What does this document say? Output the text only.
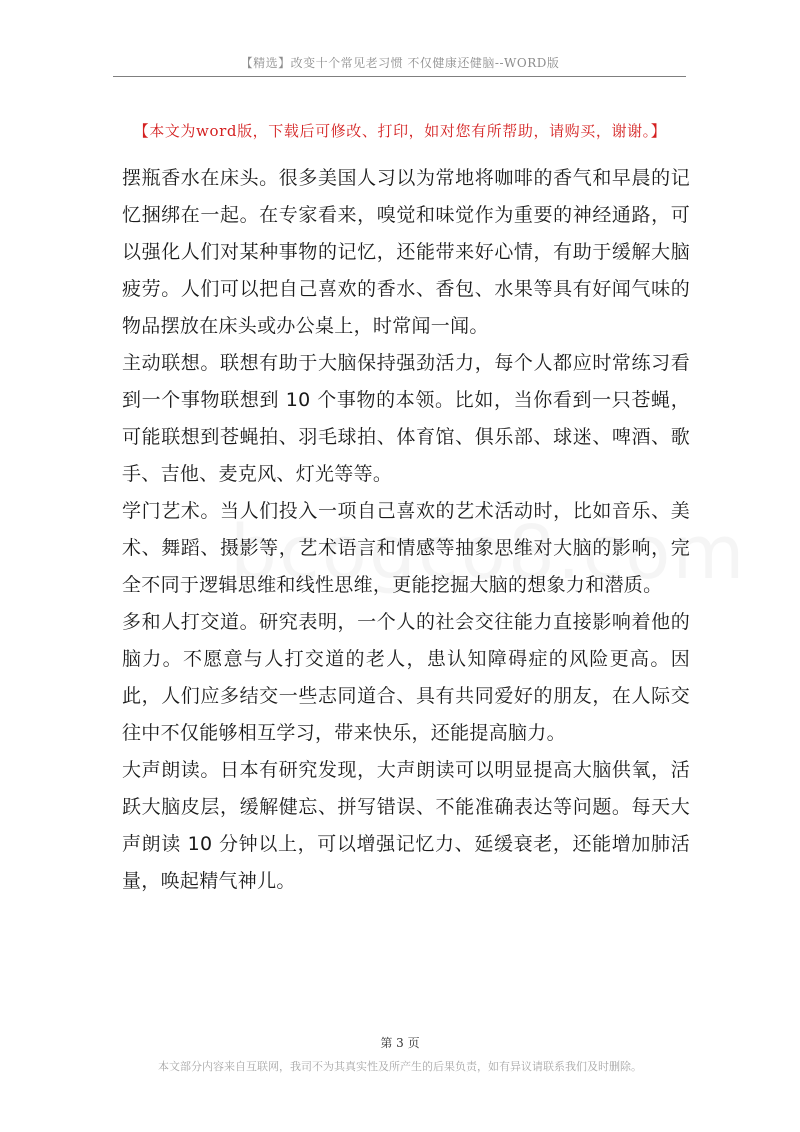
【精选】改变十个常见老习惯 不仅健康还健脑--WORD版
【本文为word版，下载后可修改、打印，如对您有所帮助，请购买，谢谢。】

摆瓶香水在床头。很多美国人习以为常地将咖啡的香气和早晨的记忆捆绑在一起。在专家看来，嗅觉和味觉作为重要的神经通路，可以强化人们对某种事物的记忆，还能带来好心情，有助于缓解大脑疲劳。人们可以把自己喜欢的香水、香包、水果等具有好闻气味的物品摆放在床头或办公桌上，时常闻一闻。

主动联想。联想有助于大脑保持强劲活力，每个人都应时常练习看到一个事物联想到 10 个事物的本领。比如，当你看到一只苍蝇，可能联想到苍蝇拍、羽毛球拍、体育馆、俱乐部、球迷、啤酒、歌手、吉他、麦克风、灯光等等。

学门艺术。当人们投入一项自己喜欢的艺术活动时，比如音乐、美术、舞蹈、摄影等，艺术语言和情感等抽象思维对大脑的影响，完全不同于逻辑思维和线性思维，更能挖掘大脑的想象力和潜质。

多和人打交道。研究表明，一个人的社会交往能力直接影响着他的脑力。不愿意与人打交道的老人，患认知障碍症的风险更高。因此，人们应多结交一些志同道合、具有共同爱好的朋友，在人际交往中不仅能够相互学习，带来快乐，还能提高脑力。

大声朗读。日本有研究发现，大声朗读可以明显提高大脑供氧，活跃大脑皮层，缓解健忘、拼写错误、不能准确表达等问题。每天大声朗读 10 分钟以上，可以增强记忆力、延缓衰老，还能增加肺活量，唤起精气神儿。

第 3 页
本文部分内容来自互联网，我司不为其真实性及所产生的后果负责，如有异议请联系我们及时删除。
